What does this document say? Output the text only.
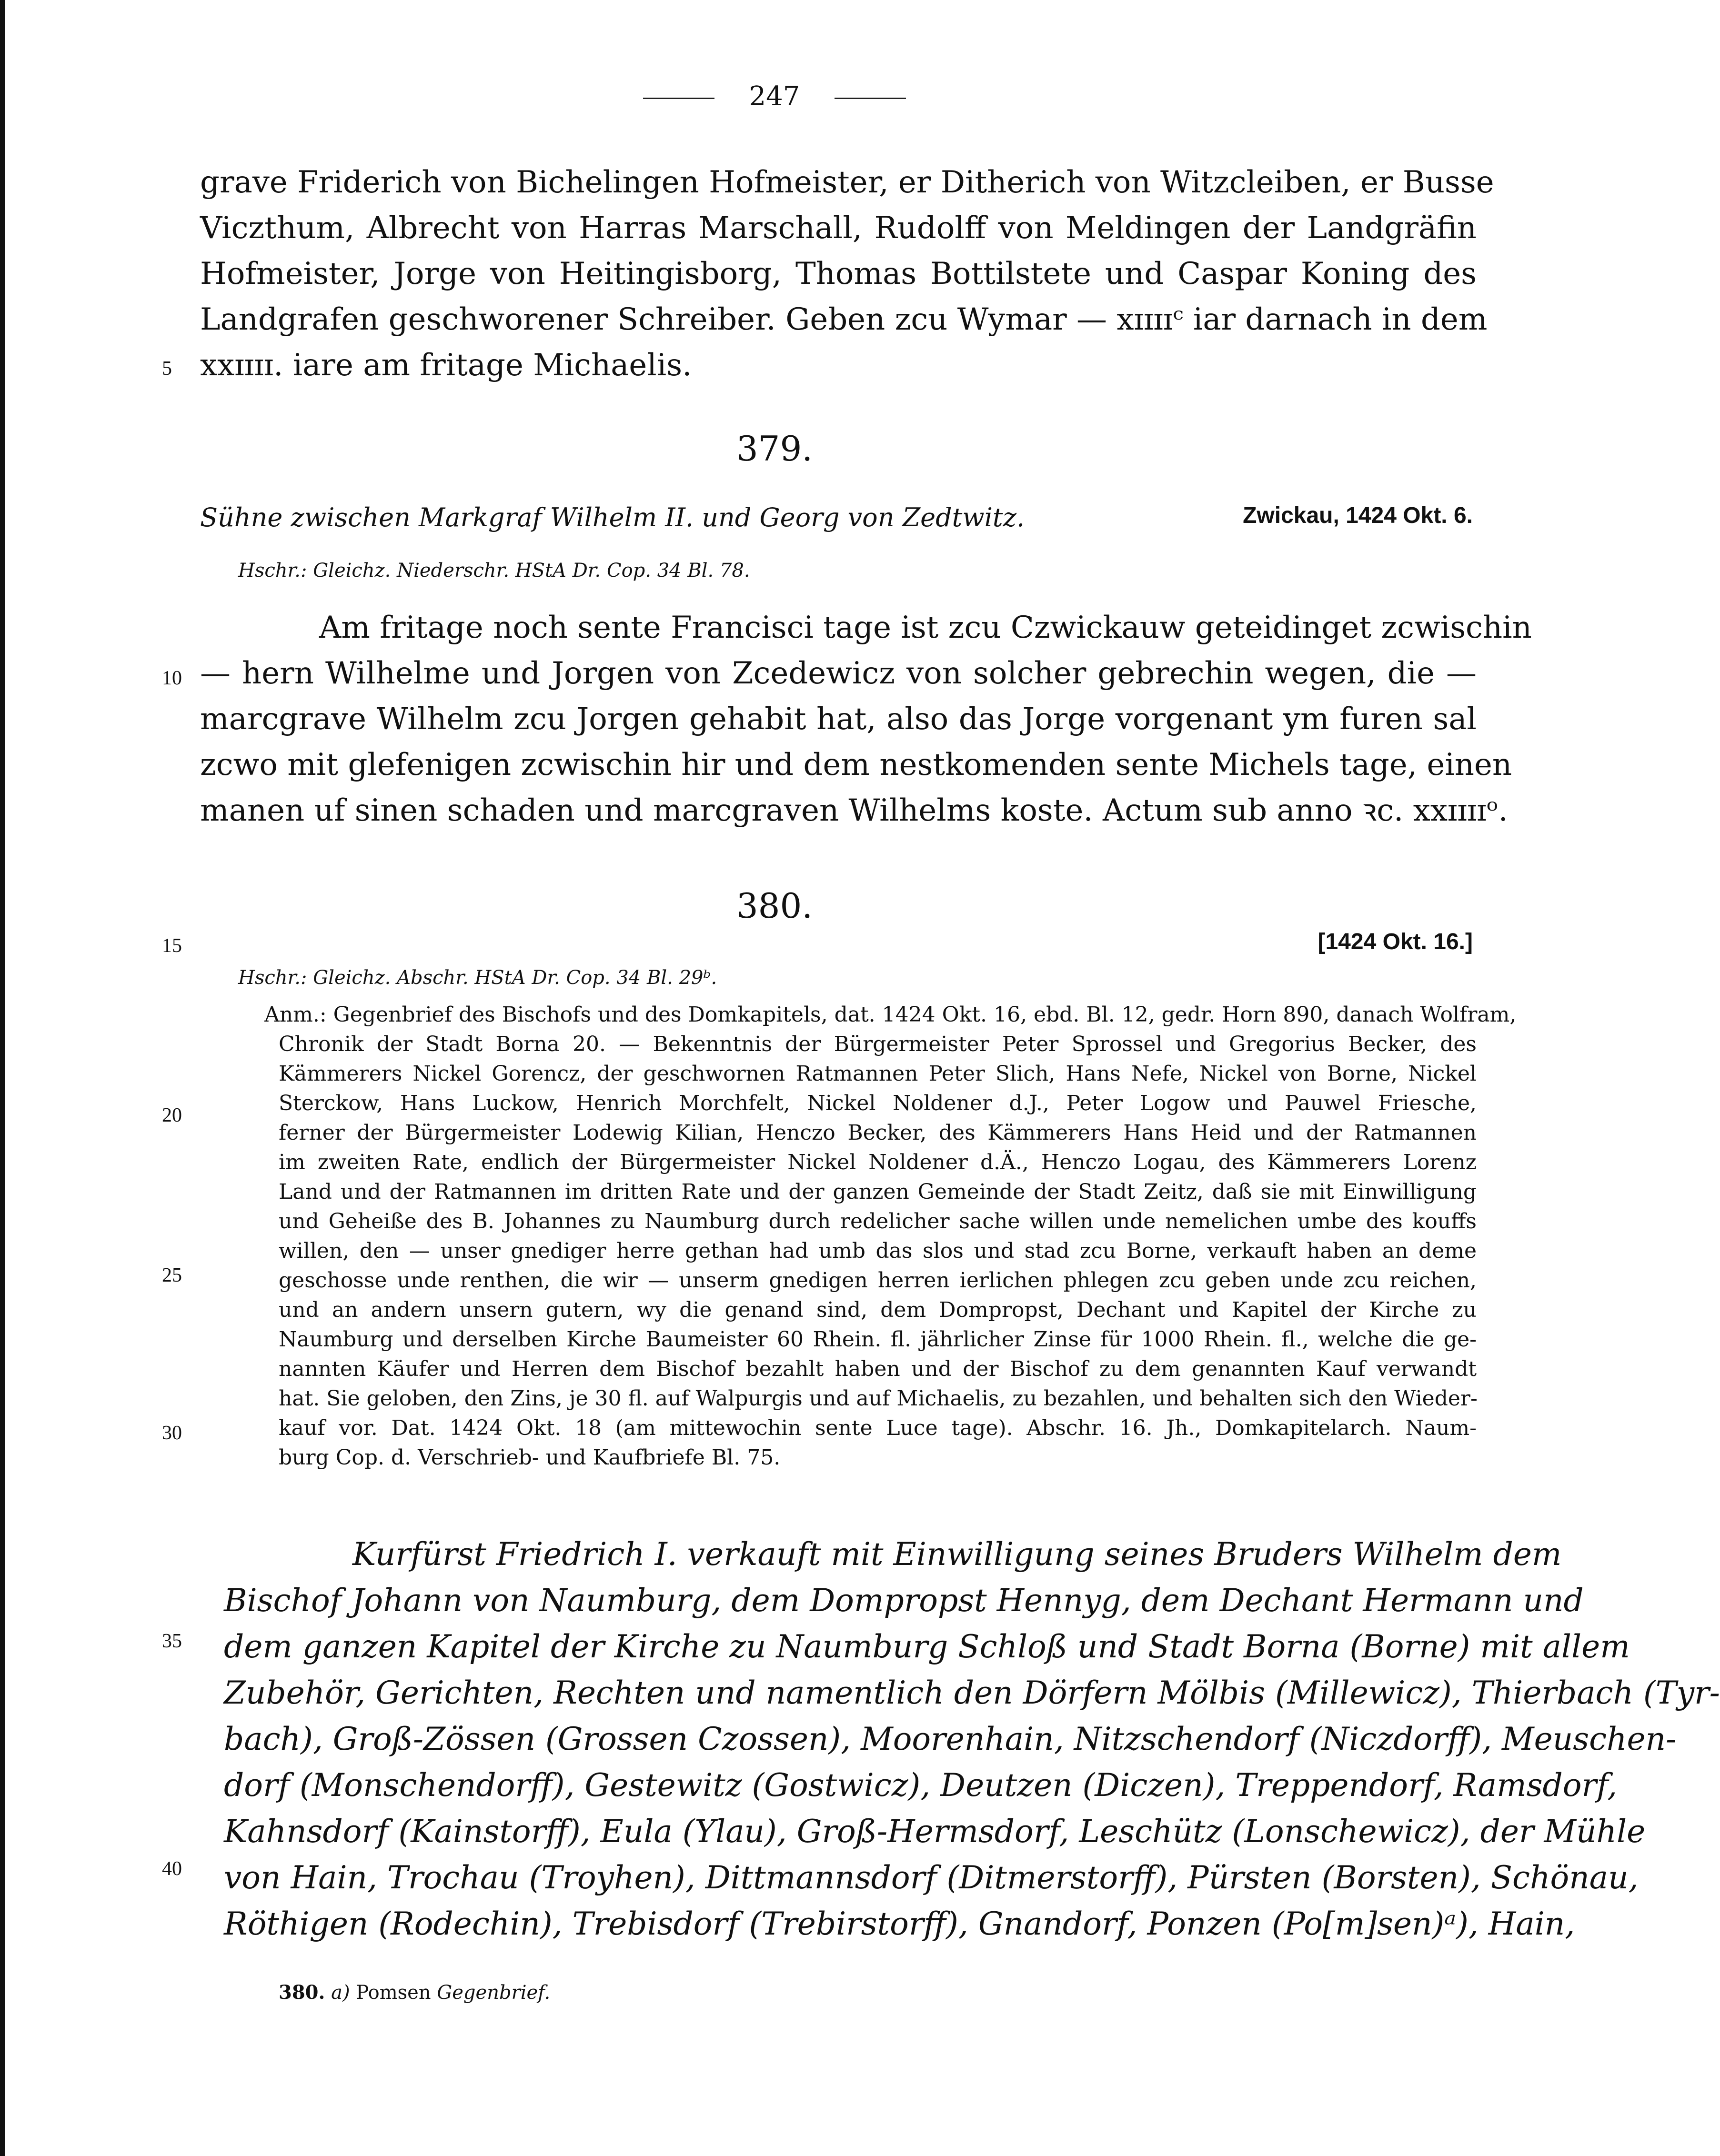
247
grave Friderich von Bichelingen Hofmeister, er Ditherich von Witzcleiben, er Busse
Viczthum, Albrecht von Harras Marschall, Rudolff von Meldingen der Landgräfin
Hofmeister, Jorge von Heitingisborg, Thomas Bottilstete und Caspar Koning des
Landgrafen geschworener Schreiber. Geben zcu Wymar — xɪɪɪɪᶜ iar darnach in dem
xxɪɪɪɪ. iare am fritage Michaelis.
5
10
15
20
25
30
35
40
379.
Sühne zwischen Markgraf Wilhelm II. und Georg von Zedtwitz.	Zwickau, 1424 Okt. 6.
Hschr.: Gleichz. Niederschr. HStA Dr. Cop. 34 Bl. 78.
Am fritage noch sente Francisci tage ist zcu Czwickauw geteidinget zcwischin
— hern Wilhelme und Jorgen von Zcedewicz von solcher gebrechin wegen, die —
marcgrave Wilhelm zcu Jorgen gehabit hat, also das Jorge vorgenant ym furen sal
zcwo mit glefenigen zcwischin hir und dem nestkomenden sente Michels tage, einen
manen uf sinen schaden und marcgraven Wilhelms koste. Actum sub anno ꝛc. xxɪɪɪɪᵒ.
380.
[1424 Okt. 16.]
Hschr.: Gleichz. Abschr. HStA Dr. Cop. 34 Bl. 29ᵇ.
Anm.: Gegenbrief des Bischofs und des Domkapitels, dat. 1424 Okt. 16, ebd. Bl. 12, gedr. Horn 890, danach Wolfram,
Chronik der Stadt Borna 20. — Bekenntnis der Bürgermeister Peter Sprossel und Gregorius Becker, des
Kämmerers Nickel Gorencz, der geschwornen Ratmannen Peter Slich, Hans Nefe, Nickel von Borne, Nickel
Sterckow, Hans Luckow, Henrich Morchfelt, Nickel Noldener d.J., Peter Logow und Pauwel Friesche,
ferner der Bürgermeister Lodewig Kilian, Henczo Becker, des Kämmerers Hans Heid und der Ratmannen
im zweiten Rate, endlich der Bürgermeister Nickel Noldener d.Ä., Henczo Logau, des Kämmerers Lorenz
Land und der Ratmannen im dritten Rate und der ganzen Gemeinde der Stadt Zeitz, daß sie mit Einwilligung
und Geheiße des B. Johannes zu Naumburg durch redelicher sache willen unde nemelichen umbe des kouffs
willen, den — unser gnediger herre gethan had umb das slos und stad zcu Borne, verkauft haben an deme
geschosse unde renthen, die wir — unserm gnedigen herren ierlichen phlegen zcu geben unde zcu reichen,
und an andern unsern gutern, wy die genand sind, dem Dompropst, Dechant und Kapitel der Kirche zu
Naumburg und derselben Kirche Baumeister 60 Rhein. fl. jährlicher Zinse für 1000 Rhein. fl., welche die ge-
nannten Käufer und Herren dem Bischof bezahlt haben und der Bischof zu dem genannten Kauf verwandt
hat. Sie geloben, den Zins, je 30 fl. auf Walpurgis und auf Michaelis, zu bezahlen, und behalten sich den Wieder-
kauf vor. Dat. 1424 Okt. 18 (am mittewochin sente Luce tage). Abschr. 16. Jh., Domkapitelarch. Naum-
burg Cop. d. Verschrieb- und Kaufbriefe Bl. 75.
Kurfürst Friedrich I. verkauft mit Einwilligung seines Bruders Wilhelm dem
Bischof Johann von Naumburg, dem Dompropst Hennyg, dem Dechant Hermann und
dem ganzen Kapitel der Kirche zu Naumburg Schloß und Stadt Borna (Borne) mit allem
Zubehör, Gerichten, Rechten und namentlich den Dörfern Mölbis (Millewicz), Thierbach (Tyr-
bach), Groß-Zössen (Grossen Czossen), Moorenhain, Nitzschendorf (Niczdorff), Meuschen-
dorf (Monschendorff), Gestewitz (Gostwicz), Deutzen (Diczen), Treppendorf, Ramsdorf,
Kahnsdorf (Kainstorff), Eula (Ylau), Groß-Hermsdorf, Leschütz (Lonschewicz), der Mühle
von Hain, Trochau (Troyhen), Dittmannsdorf (Ditmerstorff), Pürsten (Borsten), Schönau,
Röthigen (Rodechin), Trebisdorf (Trebirstorff), Gnandorf, Ponzen (Po[m]sen)ᵃ), Hain,
380. a) Pomsen Gegenbrief.
